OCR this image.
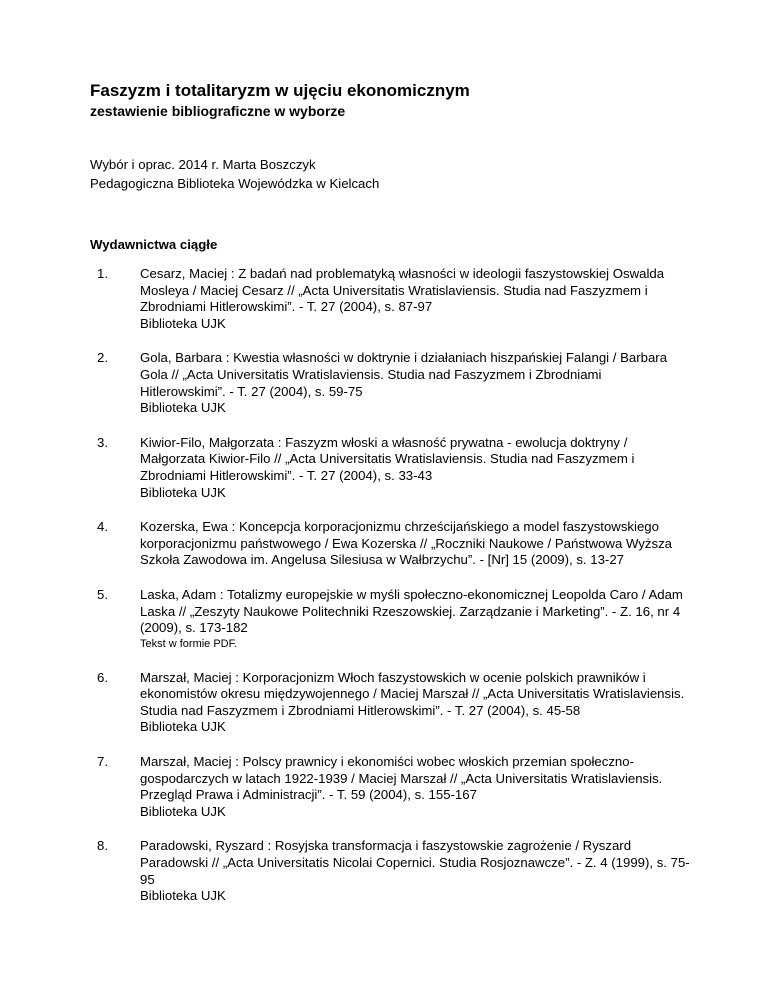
Faszyzm i totalitaryzm w ujęciu ekonomicznym
zestawienie bibliograficzne w wyborze
Wybór i oprac. 2014 r. Marta Boszczyk
Pedagogiczna Biblioteka Wojewódzka w Kielcach
Wydawnictwa ciągłe
1. Cesarz, Maciej : Z badań nad problematyką własności w ideologii faszystowskiej Oswalda Mosleya / Maciej Cesarz // „Acta Universitatis Wratislaviensis. Studia nad Faszyzmem i Zbrodniami Hitlerowskimi”. - T. 27 (2004), s. 87-97
Biblioteka UJK
2. Gola, Barbara : Kwestia własności w doktrynie i działaniach hiszpańskiej Falangi / Barbara Gola // „Acta Universitatis Wratislaviensis. Studia nad Faszyzmem i Zbrodniami Hitlerowskimi”. - T. 27 (2004), s. 59-75
Biblioteka UJK
3. Kiwior-Filo, Małgorzata : Faszyzm włoski a własność prywatna - ewolucja doktryny / Małgorzata Kiwior-Filo // „Acta Universitatis Wratislaviensis. Studia nad Faszyzmem i Zbrodniami Hitlerowskimi”. - T. 27 (2004), s. 33-43
Biblioteka UJK
4. Kozerska, Ewa : Koncepcja korporacjonizmu chrześcijańskiego a model faszystowskiego korporacjonizmu państwowego / Ewa Kozerska // „Roczniki Naukowe / Państwowa Wyższa Szkoła Zawodowa im. Angelusa Silesiusa w Wałbrzychu”. - [Nr] 15 (2009), s. 13-27
5. Laska, Adam : Totalizmy europejskie w myśli społeczno-ekonomicznej Leopolda Caro / Adam Laska // „Zeszyty Naukowe Politechniki Rzeszowskiej. Zarządzanie i Marketing”. - Z. 16, nr 4 (2009), s. 173-182
Tekst w formie PDF.
6. Marszał, Maciej : Korporacjonizm Włoch faszystowskich w ocenie polskich prawników i ekonomistów okresu międzywojennego / Maciej Marszał // „Acta Universitatis Wratislaviensis. Studia nad Faszyzmem i Zbrodniami Hitlerowskimi”. - T. 27 (2004), s. 45-58
Biblioteka UJK
7. Marszał, Maciej : Polscy prawnicy i ekonomiści wobec włoskich przemian społeczno-gospodarczych w latach 1922-1939 / Maciej Marszał // „Acta Universitatis Wratislaviensis. Przegląd Prawa i Administracji”. - T. 59 (2004), s. 155-167
Biblioteka UJK
8. Paradowski, Ryszard : Rosyjska transformacja i faszystowskie zagrożenie / Ryszard Paradowski // „Acta Universitatis Nicolai Copernici. Studia Rosjoznawcze”. - Z. 4 (1999), s. 75-95
Biblioteka UJK
